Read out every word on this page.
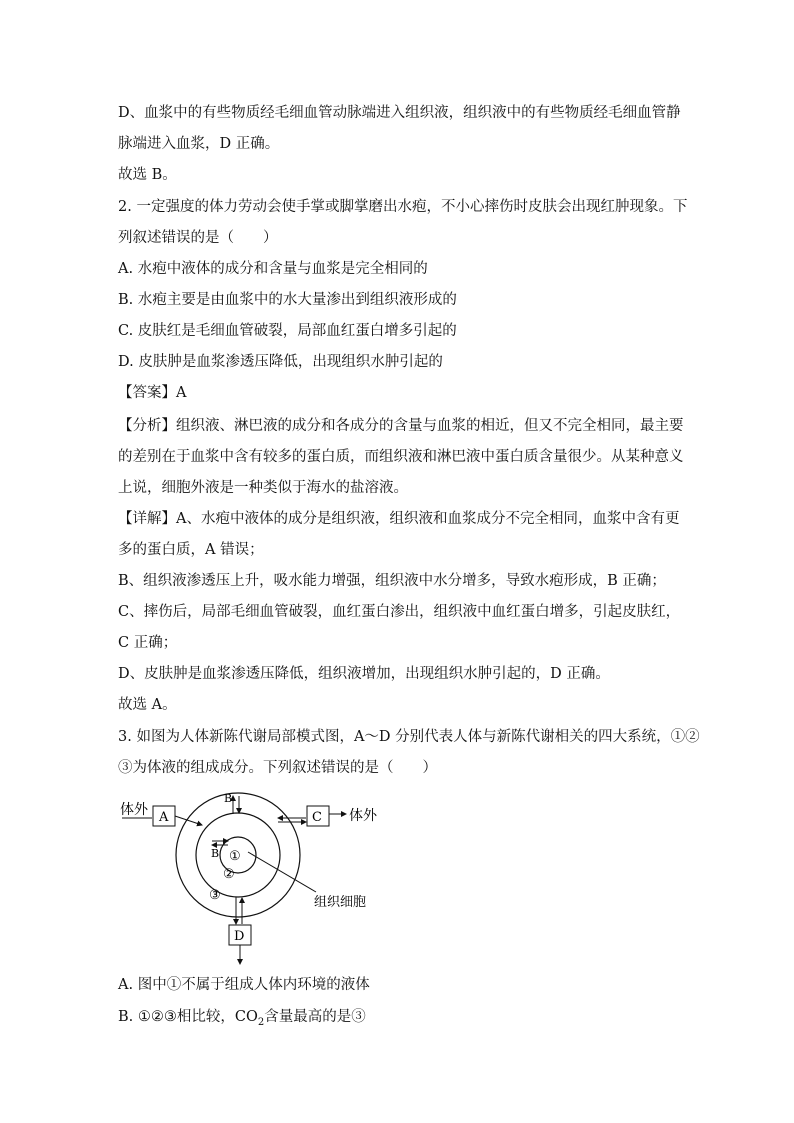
D、血浆中的有些物质经毛细血管动脉端进入组织液，组织液中的有些物质经毛细血管静
脉端进入血浆，D 正确。
故选 B。
2. 一定强度的体力劳动会使手掌或脚掌磨出水疱，不小心摔伤时皮肤会出现红肿现象。下
列叙述错误的是（　　）
A. 水疱中液体的成分和含量与血浆是完全相同的
B. 水疱主要是由血浆中的水大量渗出到组织液形成的
C. 皮肤红是毛细血管破裂，局部血红蛋白增多引起的
D. 皮肤肿是血浆渗透压降低，出现组织水肿引起的
【答案】A
【分析】组织液、淋巴液的成分和各成分的含量与血浆的相近，但又不完全相同，最主要
的差别在于血浆中含有较多的蛋白质，而组织液和淋巴液中蛋白质含量很少。从某种意义
上说，细胞外液是一种类似于海水的盐溶液。
【详解】A、水疱中液体的成分是组织液，组织液和血浆成分不完全相同，血浆中含有更
多的蛋白质，A 错误；
B、组织液渗透压上升，吸水能力增强，组织液中水分增多，导致水疱形成，B 正确；
C、摔伤后，局部毛细血管破裂，血红蛋白渗出，组织液中血红蛋白增多，引起皮肤红，
C 正确；
D、皮肤肿是血浆渗透压降低，组织液增加，出现组织水肿引起的，D 正确。
故选 A。
3. 如图为人体新陈代谢局部模式图，A～D 分别代表人体与新陈代谢相关的四大系统，①②
③为体液的组成成分。下列叙述错误的是（　　）
体外 A
B
C 体外
B ①
②
③	组织细胞
D
A. 图中①不属于组成人体内环境的液体
B. ①②③相比较，$CO_2$含量最高的是③
